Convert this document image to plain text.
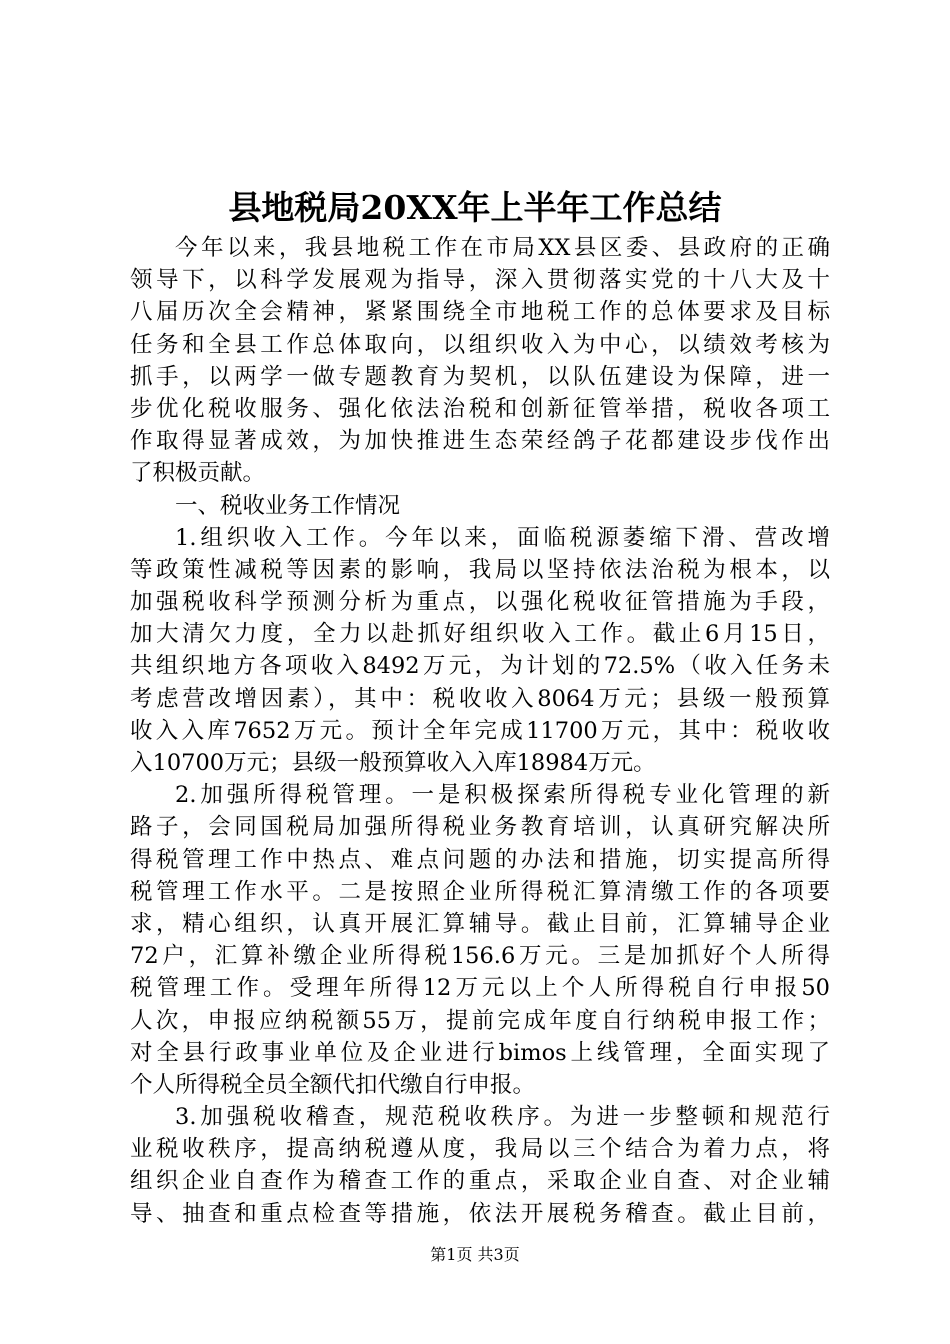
县地税局20XX年上半年工作总结
今年以来，我县地税工作在市局XX县区委、县政府的正确
领导下，以科学发展观为指导，深入贯彻落实党的十八大及十
八届历次全会精神，紧紧围绕全市地税工作的总体要求及目标
任务和全县工作总体取向，以组织收入为中心，以绩效考核为
抓手，以两学一做专题教育为契机，以队伍建设为保障，进一
步优化税收服务、强化依法治税和创新征管举措，税收各项工
作取得显著成效，为加快推进生态荣经鸽子花都建设步伐作出
了积极贡献。
一、税收业务工作情况
1.组织收入工作。今年以来，面临税源萎缩下滑、营改增
等政策性减税等因素的影响，我局以坚持依法治税为根本，以
加强税收科学预测分析为重点，以强化税收征管措施为手段，
加大清欠力度，全力以赴抓好组织收入工作。截止6月15日，
共组织地方各项收入8492万元，为计划的72.5%（收入任务未
考虑营改增因素），其中：税收收入8064万元；县级一般预算
收入入库7652万元。预计全年完成11700万元，其中：税收收
入10700万元；县级一般预算收入入库18984万元。
2.加强所得税管理。一是积极探索所得税专业化管理的新
路子，会同国税局加强所得税业务教育培训，认真研究解决所
得税管理工作中热点、难点问题的办法和措施，切实提高所得
税管理工作水平。二是按照企业所得税汇算清缴工作的各项要
求，精心组织，认真开展汇算辅导。截止目前，汇算辅导企业
72户，汇算补缴企业所得税156.6万元。三是加抓好个人所得
税管理工作。受理年所得12万元以上个人所得税自行申报50
人次，申报应纳税额55万，提前完成年度自行纳税申报工作；
对全县行政事业单位及企业进行bimos上线管理，全面实现了
个人所得税全员全额代扣代缴自行申报。
3.加强税收稽查，规范税收秩序。为进一步整顿和规范行
业税收秩序，提高纳税遵从度，我局以三个结合为着力点，将
组织企业自查作为稽查工作的重点，采取企业自查、对企业辅
导、抽查和重点检查等措施，依法开展税务稽查。截止目前，
第1页 共3页
